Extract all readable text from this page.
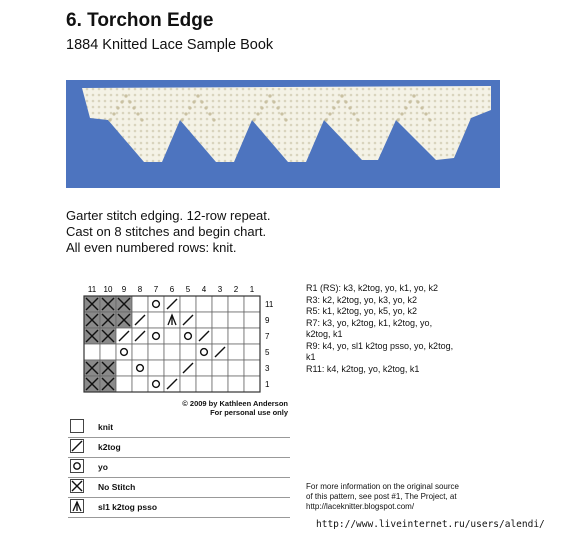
6. Torchon Edge
1884 Knitted Lace Sample Book
Garter stitch edging. 12-row repeat.
Cast on 8 stitches and begin chart.
All even numbered rows: knit.
11 10 9 8 7 6 5 4 3 2 1
11
9
7
5
3
1
© 2009 by Kathleen Anderson
For personal use only
knit
k2tog
yo
No Stitch
sl1 k2tog psso
R1 (RS): k3, k2tog, yo, k1, yo, k2
R3: k2, k2tog, yo, k3, yo, k2
R5: k1, k2tog, yo, k5, yo, k2
R7: k3, yo, k2tog, k1, k2tog, yo,
k2tog, k1
R9: k4, yo, sl1 k2tog psso, yo, k2tog,
k1
R11: k4, k2tog, yo, k2tog, k1
For more information on the original source
of this pattern, see post #1, The Project, at
http://laceknitter.blogspot.com/
http://www.liveinternet.ru/users/alendi/
